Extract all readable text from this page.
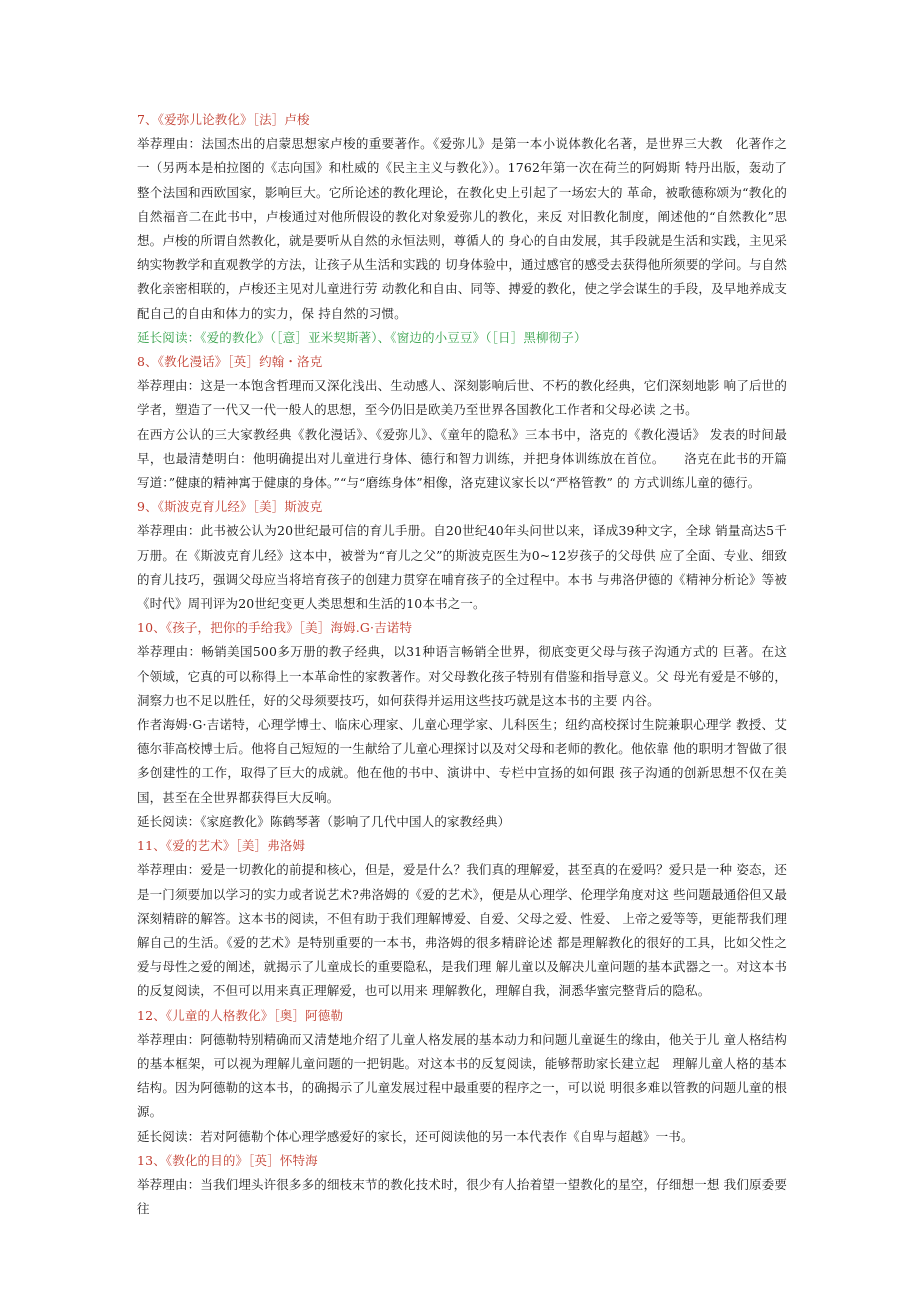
7、《爱弥儿论教化》［法］卢梭

举荐理由：法国杰出的启蒙思想家卢梭的重要著作。《爱弥儿》是第一本小说体教化名著，是世界三大教　化著作之一（另两本是柏拉图的《志向国》和杜威的《民主主义与教化》）。1762年第一次在荷兰的阿姆斯 特丹出版，轰动了整个法国和西欧国家，影响巨大。它所论述的教化理论，在教化史上引起了一场宏大的 革命，被歌德称颂为“教化的自然福音二在此书中，卢梭通过对他所假设的教化对象爱弥儿的教化，来反 对旧教化制度，阐述他的“自然教化”思想。卢梭的所谓自然教化，就是要听从自然的永恒法则，尊循人的 身心的自由发展，其手段就是生活和实践，主见采纳实物教学和直观教学的方法，让孩子从生活和实践的 切身体验中，通过感官的感受去获得他所须要的学问。与自然教化亲密相联的，卢梭还主见对儿童进行劳 动教化和自由、同等、搏爱的教化，使之学会谋生的手段，及早地养成支配自己的自由和体力的实力，保 持自然的习惯。

延长阅读：《爱的教化》（［意］亚米契斯著）、《窗边的小豆豆》（［日］黑柳彻子）

8、《教化漫话》［英］约翰・洛克

举荐理由：这是一本饱含哲理而又深化浅出、生动感人、深刻影响后世、不朽的教化经典，它们深刻地影 响了后世的学者，塑造了一代又一代一般人的思想，至今仍旧是欧美乃至世界各国教化工作者和父母必读 之书。

在西方公认的三大家教经典《教化漫话》、《爱弥儿》、《童年的隐私》三本书中，洛克的《教化漫话》 发表的时间最早，也最清楚明白：他明确提出对儿童进行身体、德行和智力训练，并把身体训练放在首位。　　洛克在此书的开篇写道：”健康的精神寓于健康的身体。”“与“磨练身体”相像，洛克建议家长以“严格管教” 的 方式训练儿童的德行。

9、《斯波克育儿经》［美］斯波克

举荐理由：此书被公认为20世纪最可信的育儿手册。自20世纪40年头问世以来，译成39种文字，全球 销量高达5千万册。在《斯波克育儿经》这本中，被誉为“育儿之父”的斯波克医生为0~12岁孩子的父母供 应了全面、专业、细致的育儿技巧，强调父母应当将培育孩子的创建力贯穿在哺育孩子的全过程中。本书 与弗洛伊德的《精神分析论》等被《时代》周刊评为20世纪变更人类思想和生活的10本书之一。

10、《孩子，把你的手给我》［美］海姆.G·吉诺特

举荐理由：畅销美国500多万册的教子经典，以31种语言畅销全世界，彻底变更父母与孩子沟通方式的 巨著。在这个领域，它真的可以称得上一本革命性的家教著作。对父母教化孩子特别有借鉴和指导意义。父 母光有爱是不够的，洞察力也不足以胜任，好的父母须要技巧，如何获得并运用这些技巧就是这本书的主要 内谷。

作者海姆·G·吉诺特，心理学博士、临床心理家、儿童心理学家、儿科医生；纽约高校探讨生院兼职心理学 教授、艾德尔菲高校博士后。他将自己短短的一生献给了儿童心理探讨以及对父母和老师的教化。他依靠 他的职明才智做了很多创建性的工作，取得了巨大的成就。他在他的书中、演讲中、专栏中宣扬的如何跟 孩子沟通的创新思想不仅在美国，甚至在全世界都获得巨大反响。

延长阅读：《家庭教化》陈鹤琴著（影响了几代中国人的家教经典）

11、《爱的艺术》［美］弗洛姆

举荐理由：爱是一切教化的前提和核心，但是，爱是什么？我们真的理解爱，甚至真的在爱吗？爱只是一种 姿态，还是一门须要加以学习的实力或者说艺术?弗洛姆的《爱的艺术》，便是从心理学、伦理学角度对这 些问题最通俗但又最深刻精辟的解答。这本书的阅读，不但有助于我们理解博爱、自爱、父母之爱、性爱、 上帝之爱等等，更能帮我们理解自己的生活。《爱的艺术》是特别重要的一本书，弗洛姆的很多精辟论述 都是理解教化的很好的工具，比如父性之爱与母性之爱的阐述，就揭示了儿童成长的重要隐私，是我们理 解儿童以及解决儿童问题的基本武器之一。对这本书的反复阅读，不但可以用来真正理解爱，也可以用来 理解教化，理解自我，洞悉华蜜完整背后的隐私。

12、《儿童的人格教化》［奥］阿德勒

举荐理由：阿德勒特别精确而又清楚地介绍了儿童人格发展的基本动力和问题儿童诞生的缘由，他关于儿 童人格结构的基本框架，可以视为理解儿童问题的一把钥匙。对这本书的反复阅读，能够帮助家长建立起　理解儿童人格的基本结构。因为阿德勒的这本书，的确揭示了儿童发展过程中最重要的程序之一，可以说 明很多难以管教的问题儿童的根源。

延长阅读：若对阿德勒个体心理学感爱好的家长，还可阅读他的另一本代表作《自卑与超越》一书。

13、《教化的目的》［英］怀特海

举荐理由：当我们埋头许很多多的细枝末节的教化技术时，很少有人抬着望一望教化的星空，仔细想一想 我们原委要往
